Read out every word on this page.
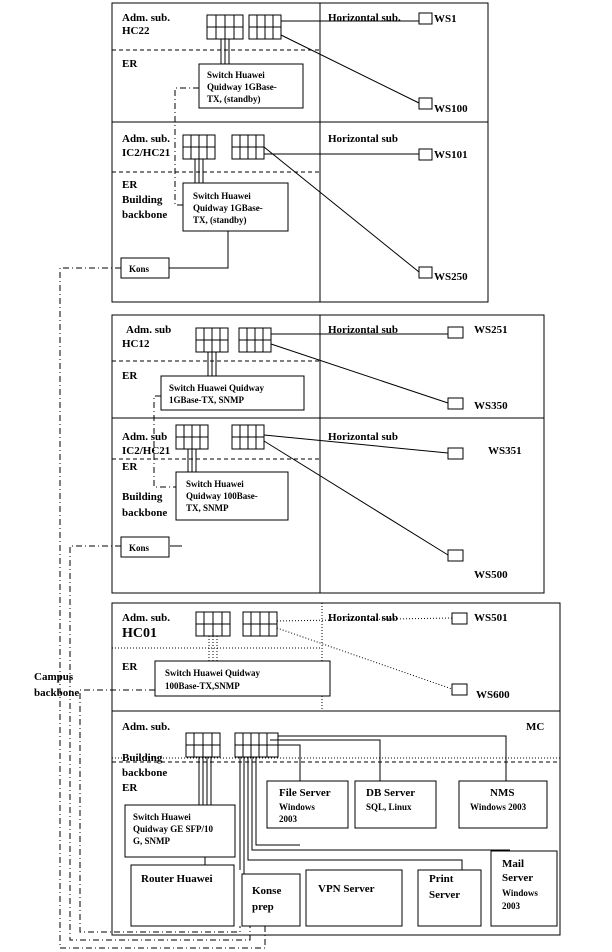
Adm. sub.
HC22
Horizontal sub.
ER
Switch Huawei
Quidway 1GBase-
TX, (standby)
WS1
WS100
Adm. sub.
IC2/HC21
Horizontal sub
ER
Building
backbone
Switch Huawei
Quidway 1GBase-
TX, (standby)
Kons
WS101
WS250
Adm. sub
HC12
Horizontal sub
ER
Switch Huawei Quidway
1GBase-TX, SNMP
WS251
WS350
Adm. sub
IC2/HC21
Horizontal sub
ER
Building
backbone
Switch Huawei
Quidway 100Base-
TX, SNMP
Kons
WS351
WS500
Adm. sub.
HC01
Horizontal sub
ER	Switch Huawei Quidway
100Base-TX,SNMP
WS501
WS600
Adm. sub.	MC
Building
backbone
ER
Switch Huawei
Quidway GE SFP/10
G, SNMP
File Server
Windows
2003
DB Server
SQL, Linux
NMS
Windows 2003
Router Huawei
Konse
prep
VPN Server
Print
Server
Mail
Server
Windows
2003
Campus
backbone
